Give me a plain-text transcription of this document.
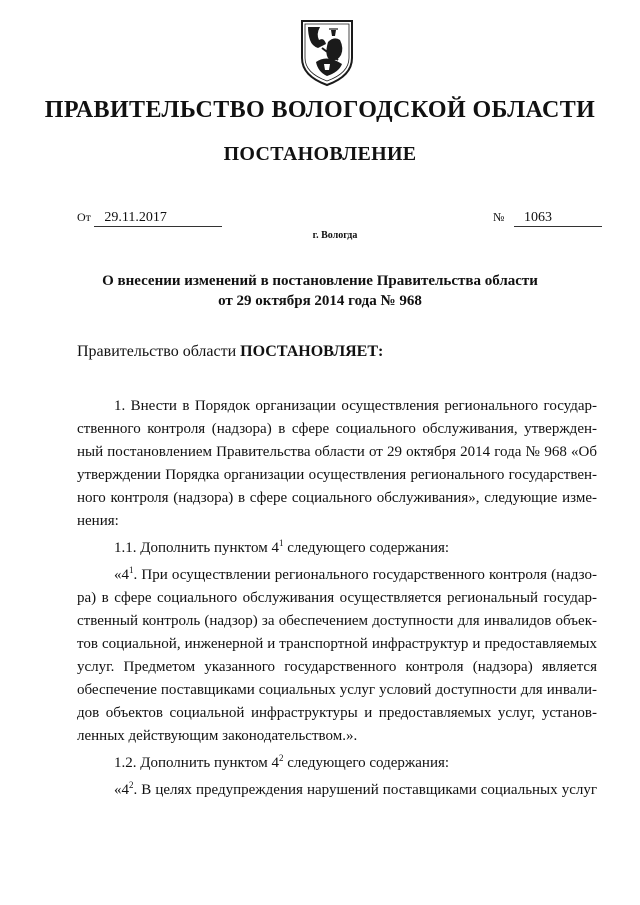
ПРАВИТЕЛЬСТВО ВОЛОГОДСКОЙ ОБЛАСТИ
ПОСТАНОВЛЕНИЕ
От 29.11.2017	№ 1063
г. Вологда
О внесении изменений в постановление Правительства области
от 29 октября 2014 года № 968
Правительство области ПОСТАНОВЛЯЕТ:
1. Внести в Порядок организации осуществления регионального государ-
ственного контроля (надзора) в сфере социального обслуживания, утвержден-
ный постановлением Правительства области от 29 октября 2014 года № 968 «Об
утверждении Порядка организации осуществления регионального государствен-
ного контроля (надзора) в сфере социального обслуживания», следующие изме-
нения:
1.1. Дополнить пунктом $4^1$ следующего содержания:
«$4^1$. При осуществлении регионального государственного контроля (надзо-
ра) в сфере социального обслуживания осуществляется региональный государ-
ственный контроль (надзор) за обеспечением доступности для инвалидов объек-
тов социальной, инженерной и транспортной инфраструктур и предоставляемых
услуг. Предметом указанного государственного контроля (надзора) является
обеспечение поставщиками социальных услуг условий доступности для инвали-
дов объектов социальной инфраструктуры и предоставляемых услуг, установ-
ленных действующим законодательством.».
1.2. Дополнить пунктом $4^2$ следующего содержания:
«$4^2$. В целях предупреждения нарушений поставщиками социальных услуг
